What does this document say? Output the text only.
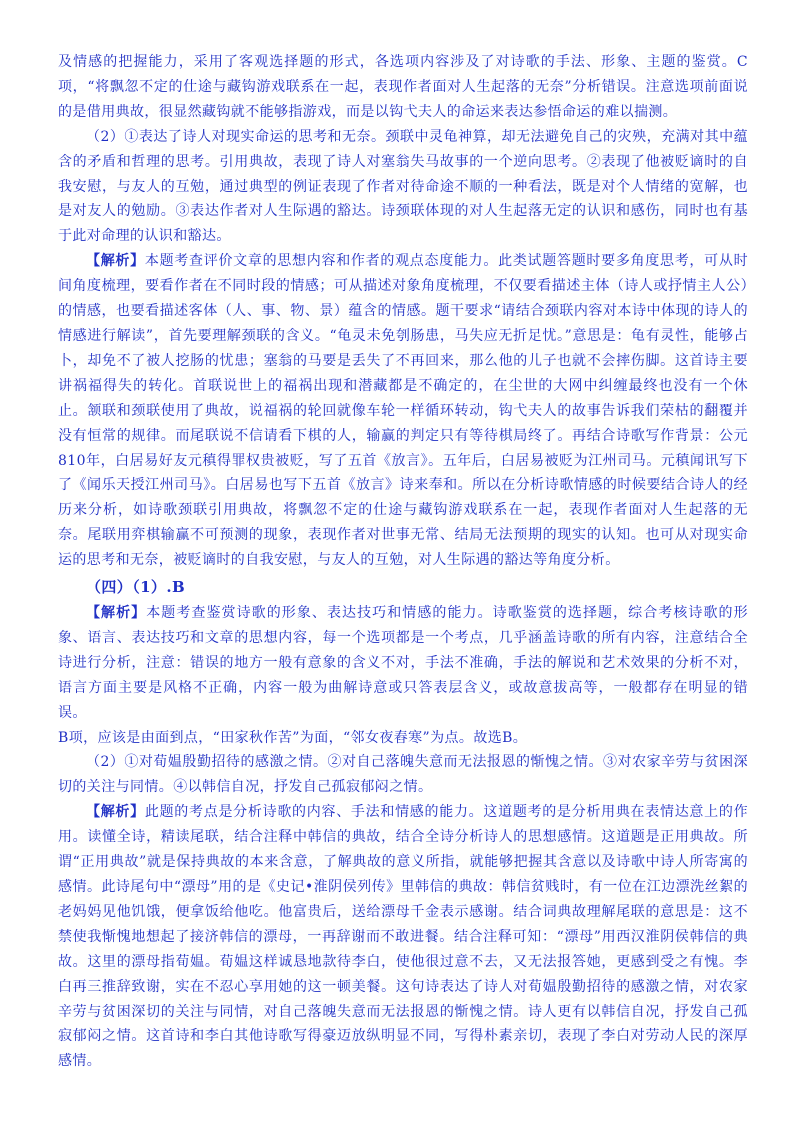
及情感的把握能力，采用了客观选择题的形式，各选项内容涉及了对诗歌的手法、形象、主题的鉴赏。C项，“将飘忽不定的仕途与藏钩游戏联系在一起，表现作者面对人生起落的无奈”分析错误。注意选项前面说的是借用典故，很显然藏钩就不能够指游戏，而是以钩弋夫人的命运来表达参悟命运的难以揣测。

（2）①表达了诗人对现实命运的思考和无奈。颈联中灵龟神算，却无法避免自己的灾殃，充满对其中蕴含的矛盾和哲理的思考。引用典故，表现了诗人对塞翁失马故事的一个逆向思考。②表现了他被贬谪时的自我安慰，与友人的互勉，通过典型的例证表现了作者对待命途不顺的一种看法，既是对个人情绪的宽解，也是对友人的勉励。③表达作者对人生际遇的豁达。诗颈联体现的对人生起落无定的认识和感伤，同时也有基于此对命理的认识和豁达。

【解析】本题考查评价文章的思想内容和作者的观点态度能力。此类试题答题时要多角度思考，可从时间角度梳理，要看作者在不同时段的情感；可从描述对象角度梳理，不仅要看描述主体（诗人或抒情主人公）的情感，也要看描述客体（人、事、物、景）蕴含的情感。题干要求“请结合颈联内容对本诗中体现的诗人的情感进行解读”，首先要理解颈联的含义。“龟灵未免刳肠患，马失应无折足忧。”意思是：龟有灵性，能够占卜，却免不了被人挖肠的忧患；塞翁的马要是丢失了不再回来，那么他的儿子也就不会摔伤脚。这首诗主要讲祸福得失的转化。首联说世上的福祸出现和潜藏都是不确定的，在尘世的大网中纠缠最终也没有一个休止。颔联和颈联使用了典故，说福祸的轮回就像车轮一样循环转动，钩弋夫人的故事告诉我们荣枯的翻覆并没有恒常的规律。而尾联说不信请看下棋的人，输赢的判定只有等待棋局终了。再结合诗歌写作背景：公元810年，白居易好友元稹得罪权贵被贬，写了五首《放言》。五年后，白居易被贬为江州司马。元稹闻讯写下了《闻乐天授江州司马》。白居易也写下五首《放言》诗来奉和。所以在分析诗歌情感的时候要结合诗人的经历来分析，如诗歌颈联引用典故，将飘忽不定的仕途与藏钩游戏联系在一起，表现作者面对人生起落的无奈。尾联用弈棋输赢不可预测的现象，表现作者对世事无常、结局无法预期的现实的认知。也可从对现实命运的思考和无奈，被贬谪时的自我安慰，与友人的互勉，对人生际遇的豁达等角度分析。

（四）（1）.B

【解析】本题考查鉴赏诗歌的形象、表达技巧和情感的能力。诗歌鉴赏的选择题，综合考核诗歌的形象、语言、表达技巧和文章的思想内容，每一个选项都是一个考点，几乎涵盖诗歌的所有内容，注意结合全诗进行分析，注意：错误的地方一般有意象的含义不对，手法不准确，手法的解说和艺术效果的分析不对，语言方面主要是风格不正确，内容一般为曲解诗意或只答表层含义，或故意拔高等，一般都存在明显的错误。

B项，应该是由面到点，“田家秋作苦”为面，“邻女夜舂寒”为点。故选B。

（2）①对荀媪殷勤招待的感激之情。②对自己落魄失意而无法报恩的惭愧之情。③对农家辛劳与贫困深切的关注与同情。④以韩信自况，抒发自己孤寂郁闷之情。

【解析】此题的考点是分析诗歌的内容、手法和情感的能力。这道题考的是分析用典在表情达意上的作用。读懂全诗，精读尾联，结合注释中韩信的典故，结合全诗分析诗人的思想感情。这道题是正用典故。所谓“正用典故”就是保持典故的本来含意，了解典故的意义所指，就能够把握其含意以及诗歌中诗人所寄寓的感情。此诗尾句中“漂母”用的是《史记•淮阴侯列传》里韩信的典故：韩信贫贱时，有一位在江边漂洗丝絮的老妈妈见他饥饿，便拿饭给他吃。他富贵后，送给漂母千金表示感谢。结合词典故理解尾联的意思是：这不禁使我惭愧地想起了接济韩信的漂母，一再辞谢而不敢进餐。结合注释可知：“漂母”用西汉淮阴侯韩信的典故。这里的漂母指荀媪。荀媪这样诚恳地款待李白，使他很过意不去，又无法报答她，更感到受之有愧。李白再三推辞致谢，实在不忍心享用她的这一顿美餐。这句诗表达了诗人对荀媪殷勤招待的感激之情，对农家辛劳与贫困深切的关注与同情，对自己落魄失意而无法报恩的惭愧之情。诗人更有以韩信自况，抒发自己孤寂郁闷之情。这首诗和李白其他诗歌写得豪迈放纵明显不同，写得朴素亲切，表现了李白对劳动人民的深厚感情。
